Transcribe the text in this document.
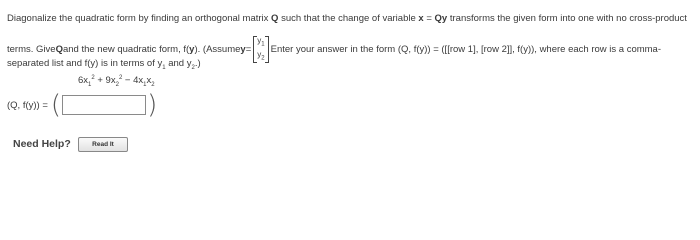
Diagonalize the quadratic form by finding an orthogonal matrix Q such that the change of variable x = Qy transforms the given form into one with no cross-product
terms. Give Q and the new quadratic form, f( y ). (Assume y =
$y_1$
$y_2$
Enter your answer in the form (Q, f(y)) = ([[row 1], [row 2]], f(y)), where each row is a comma-
separated list and f(y) is in terms of $y_1$ and $y_2$.)
$6x_1^2 + 9x_2^2 - 4x_1x_2$
(Q, f(y)) = (	)
Need Help?	Read It
